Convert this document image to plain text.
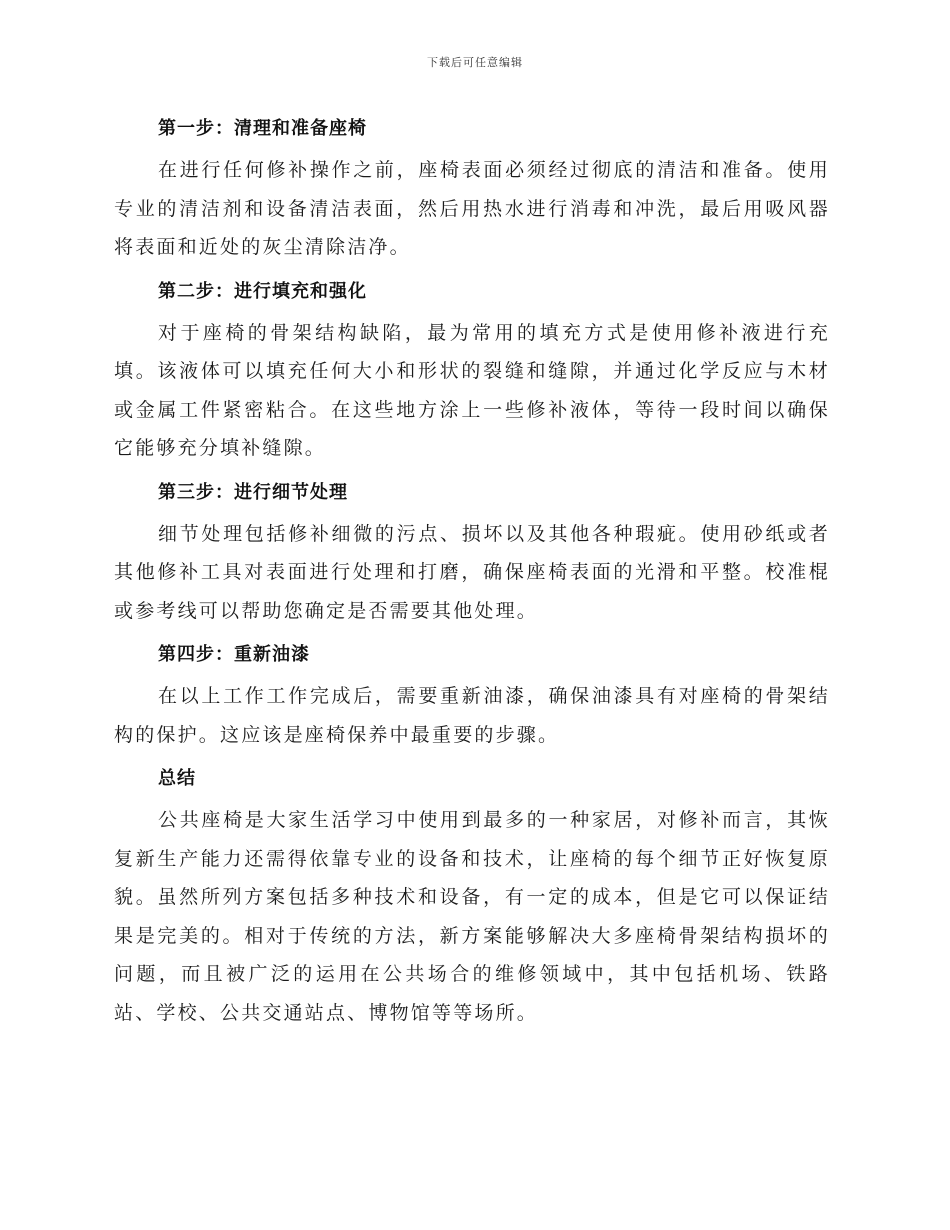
下载后可任意编辑
第一步：清理和准备座椅

在进行任何修补操作之前，座椅表面必须经过彻底的清洁和准备。使用专业的清洁剂和设备清洁表面，然后用热水进行消毒和冲洗，最后用吸风器将表面和近处的灰尘清除洁净。

第二步：进行填充和强化

对于座椅的骨架结构缺陷，最为常用的填充方式是使用修补液进行充填。该液体可以填充任何大小和形状的裂缝和缝隙，并通过化学反应与木材或金属工件紧密粘合。在这些地方涂上一些修补液体，等待一段时间以确保它能够充分填补缝隙。

第三步：进行细节处理

细节处理包括修补细微的污点、损坏以及其他各种瑕疵。使用砂纸或者其他修补工具对表面进行处理和打磨，确保座椅表面的光滑和平整。校准棍或参考线可以帮助您确定是否需要其他处理。

第四步：重新油漆

在以上工作工作完成后，需要重新油漆，确保油漆具有对座椅的骨架结构的保护。这应该是座椅保养中最重要的步骤。

总结

公共座椅是大家生活学习中使用到最多的一种家居，对修补而言，其恢复新生产能力还需得依靠专业的设备和技术，让座椅的每个细节正好恢复原貌。虽然所列方案包括多种技术和设备，有一定的成本，但是它可以保证结果是完美的。相对于传统的方法，新方案能够解决大多座椅骨架结构损坏的问题，而且被广泛的运用在公共场合的维修领域中，其中包括机场、铁路站、学校、公共交通站点、博物馆等等场所。
